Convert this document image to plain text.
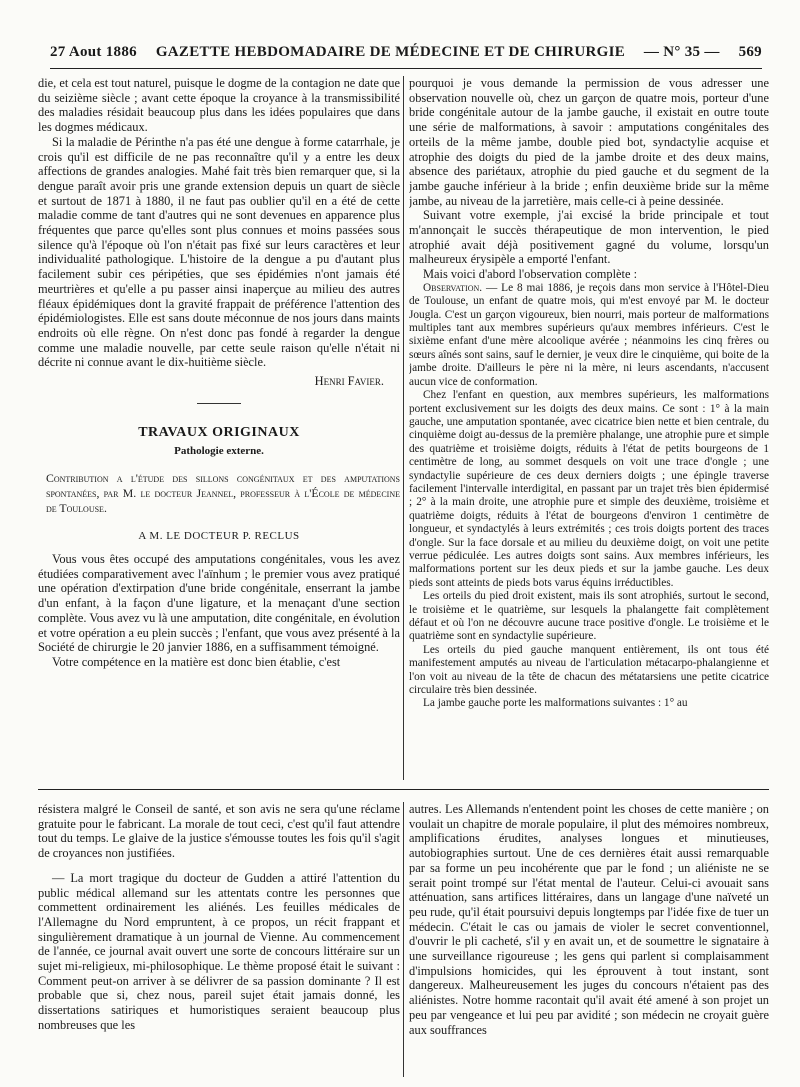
27 Aout 1886 GAZETTE HEBDOMADAIRE DE MÉDECINE ET DE CHIRURGIE — N° 35 — 569

die, et cela est tout naturel, puisque le dogme de la contagion ne date que du seizième siècle ; avant cette époque la croyance à la transmissibilité des maladies résidait beaucoup plus dans les idées populaires que dans les dogmes médicaux.

Si la maladie de Périnthe n'a pas été une dengue à forme catarrhale, je crois qu'il est difficile de ne pas reconnaître qu'il y a entre les deux affections de grandes analogies. Mahé fait très bien remarquer que, si la dengue paraît avoir pris une grande extension depuis un quart de siècle et surtout de 1871 à 1880, il ne faut pas oublier qu'il en a été de cette maladie comme de tant d'autres qui ne sont devenues en apparence plus fréquentes que parce qu'elles sont plus connues et moins passées sous silence qu'à l'époque où l'on n'était pas fixé sur leurs caractères et leur individualité pathologique. L'histoire de la dengue a pu d'autant plus facilement subir ces péripéties, que ses épidémies n'ont jamais été meurtrières et qu'elle a pu passer ainsi inaperçue au milieu des autres fléaux épidémiques dont la gravité frappait de préférence l'attention des épidémiologistes. Elle est sans doute méconnue de nos jours dans maints endroits où elle règne. On n'est donc pas fondé à regarder la dengue comme une maladie nouvelle, par cette seule raison qu'elle n'était ni décrite ni connue avant le dix-huitième siècle.

Henri Favier.

TRAVAUX ORIGINAUX

Pathologie externe.

Contribution a l'étude des sillons congénitaux et des amputations spontanées, par M. le docteur Jeannel, professeur à l'École de médecine de Toulouse.

A M. LE DOCTEUR P. RECLUS

Vous vous êtes occupé des amputations congénitales, vous les avez étudiées comparativement avec l'aïnhum ; le premier vous avez pratiqué une opération d'extirpation d'une bride congénitale, enserrant la jambe d'un enfant, à la façon d'une ligature, et la menaçant d'une section complète. Vous avez vu là une amputation, dite congénitale, en évolution et votre opération a eu plein succès ; l'enfant, que vous avez présenté à la Société de chirurgie le 20 janvier 1886, en a suffisamment témoigné.

Votre compétence en la matière est donc bien établie, c'est

pourquoi je vous demande la permission de vous adresser une observation nouvelle où, chez un garçon de quatre mois, porteur d'une bride congénitale autour de la jambe gauche, il existait en outre toute une série de malformations, à savoir : amputations congénitales des orteils de la même jambe, double pied bot, syndactylie acquise et atrophie des doigts du pied de la jambe droite et des deux mains, absence des pariétaux, atrophie du pied gauche et du segment de la jambe gauche inférieur à la bride ; enfin deuxième bride sur la même jambe, au niveau de la jarretière, mais celle-ci à peine dessinée.

Suivant votre exemple, j'ai excisé la bride principale et tout m'annonçait le succès thérapeutique de mon intervention, le pied atrophié avait déjà positivement gagné du volume, lorsqu'un malheureux érysipèle a emporté l'enfant.

Mais voici d'abord l'observation complète :

Observation. — Le 8 mai 1886, je reçois dans mon service à l'Hôtel-Dieu de Toulouse, un enfant de quatre mois, qui m'est envoyé par M. le docteur Jougla. C'est un garçon vigoureux, bien nourri, mais porteur de malformations multiples tant aux membres supérieurs qu'aux membres inférieurs. C'est le sixième enfant d'une mère alcoolique avérée ; néanmoins les cinq frères ou sœurs aînés sont sains, sauf le dernier, je veux dire le cinquième, qui boite de la jambe droite. D'ailleurs le père ni la mère, ni leurs ascendants, n'accusent aucun vice de conformation.

Chez l'enfant en question, aux membres supérieurs, les malformations portent exclusivement sur les doigts des deux mains. Ce sont : 1° à la main gauche, une amputation spontanée, avec cicatrice bien nette et bien centrale, du cinquième doigt au-dessus de la première phalange, une atrophie pure et simple des quatrième et troisième doigts, réduits à l'état de petits bourgeons de 1 centimètre de long, au sommet desquels on voit une trace d'ongle ; une syndactylie supérieure de ces deux derniers doigts ; une épingle traverse facilement l'intervalle interdigital, en passant par un trajet très bien épidermisé ; 2° à la main droite, une atrophie pure et simple des deuxième, troisième et quatrième doigts, réduits à l'état de bourgeons d'environ 1 centimètre de longueur, et syndactylés à leurs extrémités ; ces trois doigts portent des traces d'ongle. Sur la face dorsale et au milieu du deuxième doigt, on voit une petite verrue pédiculée. Les autres doigts sont sains. Aux membres inférieurs, les malformations portent sur les deux pieds et sur la jambe gauche. Les deux pieds sont atteints de pieds bots varus équins irréductibles.

Les orteils du pied droit existent, mais ils sont atrophiés, surtout le second, le troisième et le quatrième, sur lesquels la phalangette fait complètement défaut et où l'on ne découvre aucune trace positive d'ongle. Le troisième et le quatrième sont en syndactylie supérieure.

Les orteils du pied gauche manquent entièrement, ils ont tous été manifestement amputés au niveau de l'articulation métacarpo-phalangienne et l'on voit au niveau de la tête de chacun des métatarsiens une petite cicatrice circulaire très bien dessinée.

La jambe gauche porte les malformations suivantes : 1° au

résistera malgré le Conseil de santé, et son avis ne sera qu'une réclame gratuite pour le fabricant. La morale de tout ceci, c'est qu'il faut attendre tout du temps. Le glaive de la justice s'émousse toutes les fois qu'il s'agit de croyances non justifiées.

— La mort tragique du docteur de Gudden a attiré l'attention du public médical allemand sur les attentats contre les personnes que commettent ordinairement les aliénés. Les feuilles médicales de l'Allemagne du Nord empruntent, à ce propos, un récit frappant et singulièrement dramatique à un journal de Vienne. Au commencement de l'année, ce journal avait ouvert une sorte de concours littéraire sur un sujet mi-religieux, mi-philosophique. Le thème proposé était le suivant : Comment peut-on arriver à se délivrer de sa passion dominante ? Il est probable que si, chez nous, pareil sujet était jamais donné, les dissertations satiriques et humoristiques seraient beaucoup plus nombreuses que les

autres. Les Allemands n'entendent point les choses de cette manière ; on voulait un chapitre de morale populaire, il plut des mémoires nombreux, amplifications érudites, analyses longues et minutieuses, autobiographies surtout. Une de ces dernières était aussi remarquable par sa forme un peu incohérente que par le fond ; un aliéniste ne se serait point trompé sur l'état mental de l'auteur. Celui-ci avouait sans atténuation, sans artifices littéraires, dans un langage d'une naïveté un peu rude, qu'il était poursuivi depuis longtemps par l'idée fixe de tuer un médecin. C'était le cas ou jamais de violer le secret conventionnel, d'ouvrir le pli cacheté, s'il y en avait un, et de soumettre le signataire à une surveillance rigoureuse ; les gens qui parlent si complaisamment d'impulsions homicides, qui les éprouvent à tout instant, sont dangereux. Malheureusement les juges du concours n'étaient pas des aliénistes. Notre homme racontait qu'il avait été amené à son projet un peu par vengeance et lui peu par avidité ; son médecin ne croyait guère aux souffrances
